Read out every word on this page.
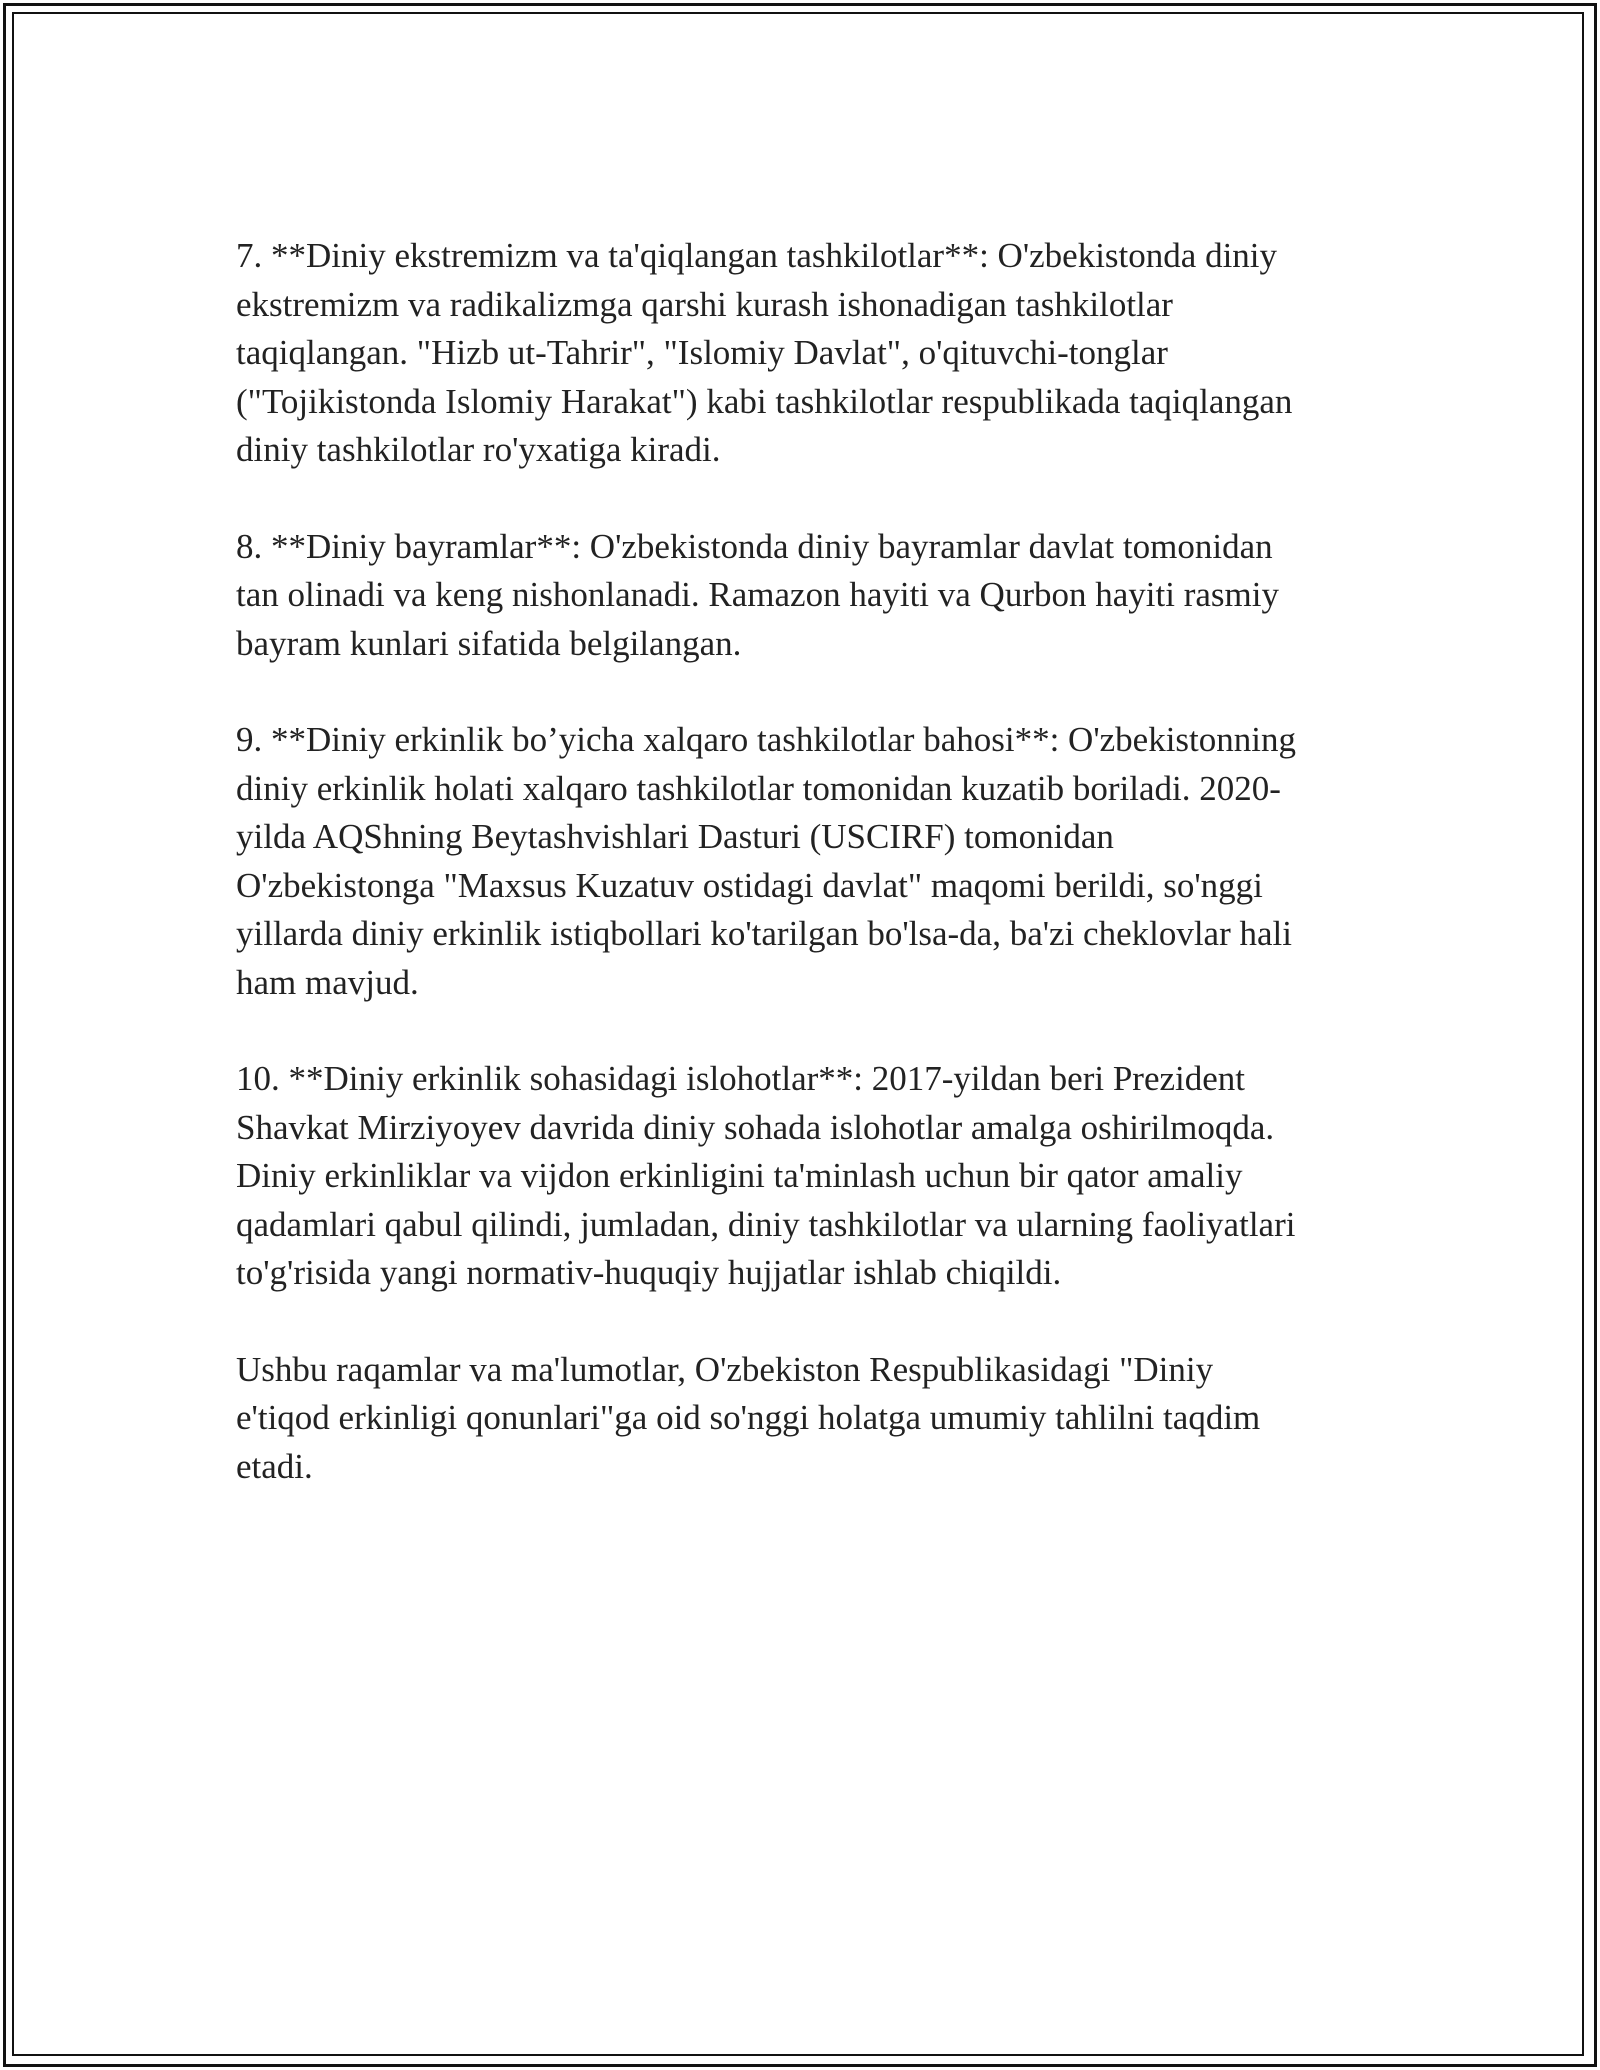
7. **Diniy ekstremizm va ta'qiqlangan tashkilotlar**: O'zbekistonda diniy
ekstremizm va radikalizmga qarshi kurash ishonadigan tashkilotlar
taqiqlangan. "Hizb ut-Tahrir", "Islomiy Davlat", o'qituvchi-tonglar
("Tojikistonda Islomiy Harakat") kabi tashkilotlar respublikada taqiqlangan
diniy tashkilotlar ro'yxatiga kiradi.

8. **Diniy bayramlar**: O'zbekistonda diniy bayramlar davlat tomonidan
tan olinadi va keng nishonlanadi. Ramazon hayiti va Qurbon hayiti rasmiy
bayram kunlari sifatida belgilangan.

9. **Diniy erkinlik bo’yicha xalqaro tashkilotlar bahosi**: O'zbekistonning
diniy erkinlik holati xalqaro tashkilotlar tomonidan kuzatib boriladi. 2020-
yilda AQShning Beytashvishlari Dasturi (USCIRF) tomonidan
O'zbekistonga "Maxsus Kuzatuv ostidagi davlat" maqomi berildi, so'nggi
yillarda diniy erkinlik istiqbollari ko'tarilgan bo'lsa-da, ba'zi cheklovlar hali
ham mavjud.

10. **Diniy erkinlik sohasidagi islohotlar**: 2017-yildan beri Prezident
Shavkat Mirziyoyev davrida diniy sohada islohotlar amalga oshirilmoqda.
Diniy erkinliklar va vijdon erkinligini ta'minlash uchun bir qator amaliy
qadamlari qabul qilindi, jumladan, diniy tashkilotlar va ularning faoliyatlari
to'g'risida yangi normativ-huquqiy hujjatlar ishlab chiqildi.

Ushbu raqamlar va ma'lumotlar, O'zbekiston Respublikasidagi "Diniy
e'tiqod erkinligi qonunlari"ga oid so'nggi holatga umumiy tahlilni taqdim
etadi.
